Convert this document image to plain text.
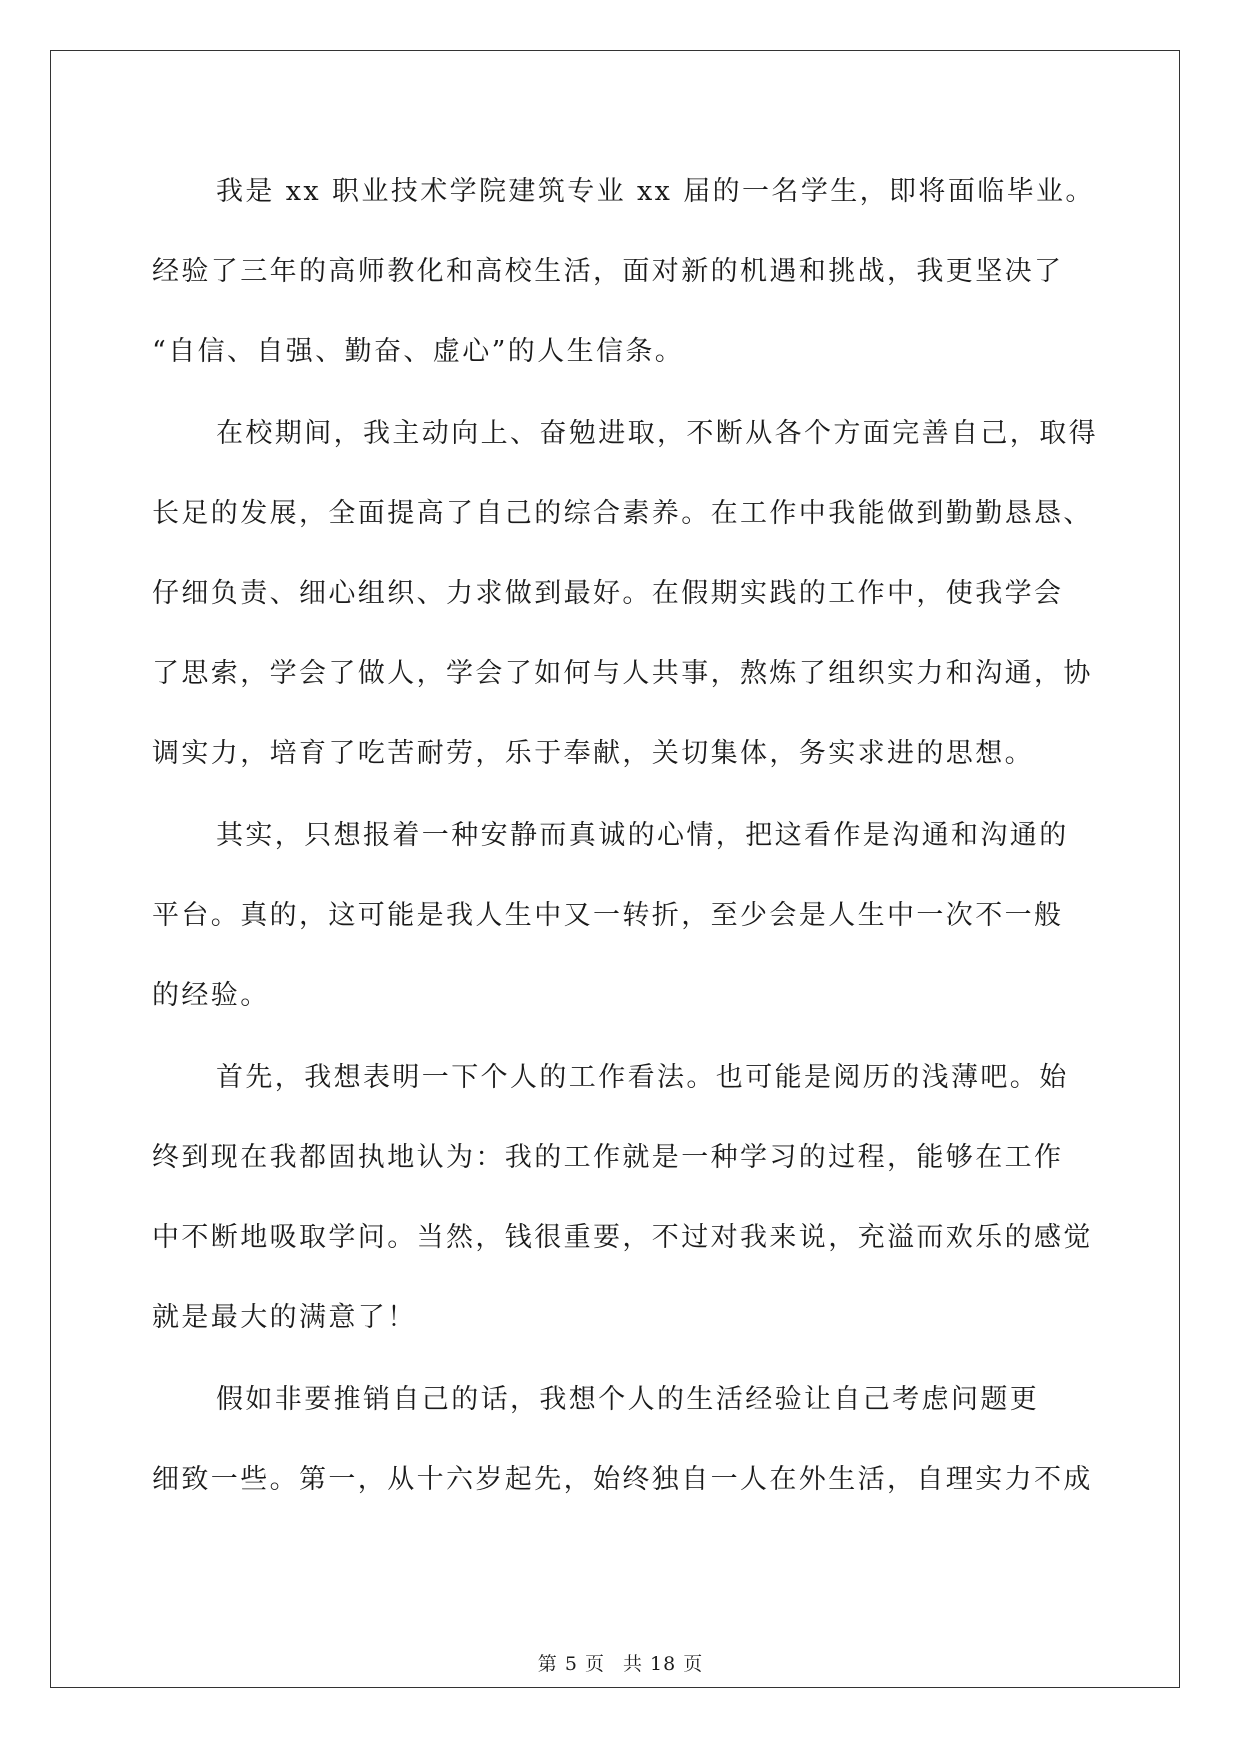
我是 xx 职业技术学院建筑专业 xx 届的一名学生，即将面临毕业。
经验了三年的高师教化和高校生活，面对新的机遇和挑战，我更坚决了
“自信、自强、勤奋、虚心”的人生信条。
在校期间，我主动向上、奋勉进取，不断从各个方面完善自己，取得
长足的发展，全面提高了自己的综合素养。在工作中我能做到勤勤恳恳、
仔细负责、细心组织、力求做到最好。在假期实践的工作中，使我学会
了思索，学会了做人，学会了如何与人共事，熬炼了组织实力和沟通，协
调实力，培育了吃苦耐劳，乐于奉献，关切集体，务实求进的思想。
其实，只想报着一种安静而真诚的心情，把这看作是沟通和沟通的
平台。真的，这可能是我人生中又一转折，至少会是人生中一次不一般
的经验。
首先，我想表明一下个人的工作看法。也可能是阅历的浅薄吧。始
终到现在我都固执地认为：我的工作就是一种学习的过程，能够在工作
中不断地吸取学问。当然，钱很重要，不过对我来说，充溢而欢乐的感觉
就是最大的满意了！
假如非要推销自己的话，我想个人的生活经验让自己考虑问题更
细致一些。第一，从十六岁起先，始终独自一人在外生活，自理实力不成
第 5 页 共 18 页
